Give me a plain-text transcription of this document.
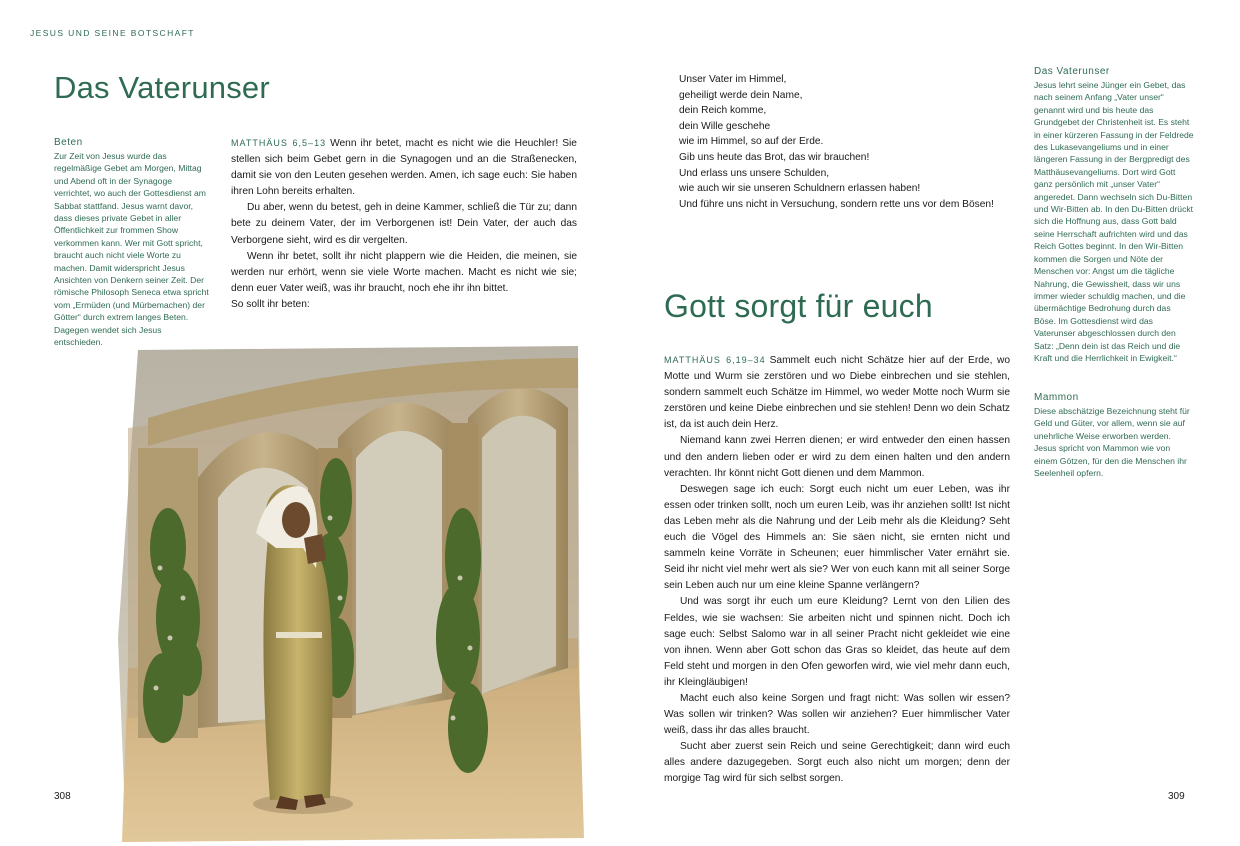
JESUS UND SEINE BOTSCHAFT
Das Vaterunser
Beten

Zur Zeit von Jesus wurde das regelmäßige Gebet am Morgen, Mittag und Abend oft in der Synagoge verrichtet, wo auch der Gottesdienst am Sabbat stattfand. Jesus warnt davor, dass dieses private Gebet in aller Öffentlichkeit zur frommen Show verkommen kann. Wer mit Gott spricht, braucht auch nicht viele Worte zu machen. Damit widerspricht Jesus Ansichten von Denkern seiner Zeit. Der römische Philosoph Seneca etwa spricht vom „Ermüden (und Mürbemachen) der Götter“ durch extrem langes Beten. Dagegen wendet sich Jesus entschieden.

MATTHÄUS 6,5–13 Wenn ihr betet, macht es nicht wie die Heuchler! Sie stellen sich beim Gebet gern in die Synagogen und an die Straßenecken, damit sie von den Leuten gesehen werden. Amen, ich sage euch: Sie haben ihren Lohn bereits erhalten.

Du aber, wenn du betest, geh in deine Kammer, schließ die Tür zu; dann bete zu deinem Vater, der im Verborgenen ist! Dein Vater, der auch das Verborgene sieht, wird es dir vergelten.

Wenn ihr betet, sollt ihr nicht plappern wie die Heiden, die meinen, sie werden nur erhört, wenn sie viele Worte machen. Macht es nicht wie sie; denn euer Vater weiß, was ihr braucht, noch ehe ihr ihn bittet.

So sollt ihr beten:

308
Unser Vater im Himmel,
geheiligt werde dein Name,
dein Reich komme,
dein Wille geschehe
wie im Himmel, so auf der Erde.
Gib uns heute das Brot, das wir brauchen!
Und erlass uns unsere Schulden,
wie auch wir sie unseren Schuldnern erlassen haben!
Und führe uns nicht in Versuchung, sondern rette uns vor dem Bösen!
Gott sorgt für euch

MATTHÄUS 6,19–34 Sammelt euch nicht Schätze hier auf der Erde, wo Motte und Wurm sie zerstören und wo Diebe einbrechen und sie stehlen, sondern sammelt euch Schätze im Himmel, wo weder Motte noch Wurm sie zerstören und keine Diebe einbrechen und sie stehlen! Denn wo dein Schatz ist, da ist auch dein Herz.

Niemand kann zwei Herren dienen; er wird entweder den einen hassen und den andern lieben oder er wird zu dem einen halten und den andern verachten. Ihr könnt nicht Gott dienen und dem Mammon.

Deswegen sage ich euch: Sorgt euch nicht um euer Leben, was ihr essen oder trinken sollt, noch um euren Leib, was ihr anziehen sollt! Ist nicht das Leben mehr als die Nahrung und der Leib mehr als die Kleidung? Seht euch die Vögel des Himmels an: Sie säen nicht, sie ernten nicht und sammeln keine Vorräte in Scheunen; euer himmlischer Vater ernährt sie. Seid ihr nicht viel mehr wert als sie? Wer von euch kann mit all seiner Sorge sein Leben auch nur um eine kleine Spanne verlängern?

Und was sorgt ihr euch um eure Kleidung? Lernt von den Lilien des Feldes, wie sie wachsen: Sie arbeiten nicht und spinnen nicht. Doch ich sage euch: Selbst Salomo war in all seiner Pracht nicht gekleidet wie eine von ihnen. Wenn aber Gott schon das Gras so kleidet, das heute auf dem Feld steht und morgen in den Ofen geworfen wird, wie viel mehr dann euch, ihr Kleingläubigen!

Macht euch also keine Sorgen und fragt nicht: Was sollen wir essen? Was sollen wir trinken? Was sollen wir anziehen? Euer himmlischer Vater weiß, dass ihr das alles braucht.

Sucht aber zuerst sein Reich und seine Gerechtigkeit; dann wird euch alles andere dazugegeben. Sorgt euch also nicht um morgen; denn der morgige Tag wird für sich selbst sorgen.

Das Vaterunser

Jesus lehrt seine Jünger ein Gebet, das nach seinem Anfang „Vater unser“ genannt wird und bis heute das Grundgebet der Christenheit ist. Es steht in einer kürzeren Fassung in der Feldrede des Lukasevangeliums und in einer längeren Fassung in der Bergpredigt des Matthäusevangeliums. Dort wird Gott ganz persönlich mit „unser Vater“ angeredet. Dann wechseln sich Du-Bitten und Wir-Bitten ab. In den Du-Bitten drückt sich die Hoffnung aus, dass Gott bald seine Herrschaft aufrichten wird und das Reich Gottes beginnt. In den Wir-Bitten kommen die Sorgen und Nöte der Menschen vor: Angst um die tägliche Nahrung, die Gewissheit, dass wir uns immer wieder schuldig machen, und die übermächtige Bedrohung durch das Böse. Im Gottesdienst wird das Vaterunser abgeschlossen durch den Satz: „Denn dein ist das Reich und die Kraft und die Herrlichkeit in Ewigkeit.“

Mammon

Diese abschätzige Bezeichnung steht für Geld und Güter, vor allem, wenn sie auf unehrliche Weise erworben werden. Jesus spricht von Mammon wie von einem Götzen, für den die Menschen ihr Seelenheil opfern.

309
